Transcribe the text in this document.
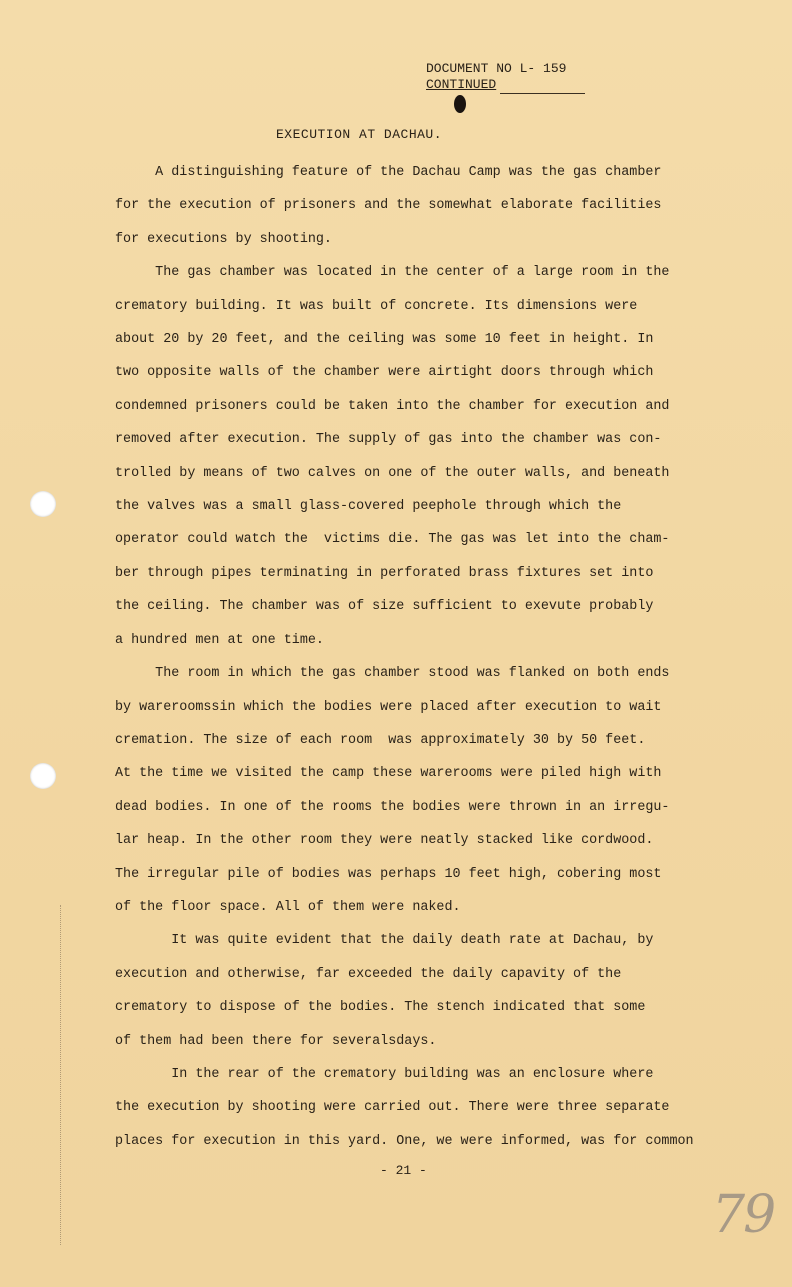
DOCUMENT NO L- 159
CONTINUED
EXECUTION AT DACHAU.

A distinguishing feature of the Dachau Camp was the gas chamber

for the execution of prisoners and the somewhat elaborate facilities

for executions by shooting.

The gas chamber was located in the center of a large room in the

crematory building. It was built of concrete. Its dimensions were

about 20 by 20 feet, and the ceiling was some 10 feet in height. In

two opposite walls of the chamber were airtight doors through which

condemned prisoners could be taken into the chamber for execution and

removed after execution. The supply of gas into the chamber was con-

trolled by means of two calves on one of the outer walls, and beneath

the valves was a small glass-covered peephole through which the

operator could watch the  victims die. The gas was let into the cham-

ber through pipes terminating in perforated brass fixtures set into

the ceiling. The chamber was of size sufficient to exevute probably

a hundred men at one time.

The room in which the gas chamber stood was flanked on both ends

by wareroomssin which the bodies were placed after execution to wait

cremation. The size of each room  was approximately 30 by 50 feet.

At the time we visited the camp these warerooms were piled high with

dead bodies. In one of the rooms the bodies were thrown in an irregu-

lar heap. In the other room they were neatly stacked like cordwood.

The irregular pile of bodies was perhaps 10 feet high, cobering most

of the floor space. All of them were naked.

It was quite evident that the daily death rate at Dachau, by

execution and otherwise, far exceeded the daily capavity of the

crematory to dispose of the bodies. The stench indicated that some

of them had been there for severalsdays.

In the rear of the crematory building was an enclosure where

the execution by shooting were carried out. There were three separate

places for execution in this yard. One, we were informed, was for common

- 21 -
79
